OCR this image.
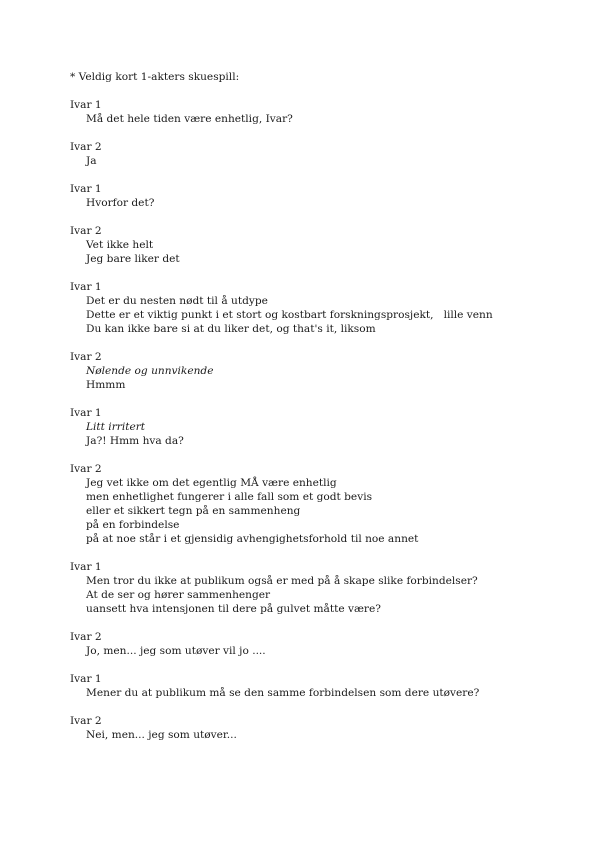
* Veldig kort 1-akters skuespill:
Ivar 1
Må det hele tiden være enhetlig, Ivar?
Ivar 2
Ja
Ivar 1
Hvorfor det?
Ivar 2
Vet ikke helt
Jeg bare liker det
Ivar 1
Det er du nesten nødt til å utdype
Dette er et viktig punkt i et stort og kostbart forskningsprosjekt,   lille venn
Du kan ikke bare si at du liker det, og that's it, liksom
Ivar 2
Nølende og unnvikende
Hmmm
Ivar 1
Litt irritert
Ja?! Hmm hva da?
Ivar 2
Jeg vet ikke om det egentlig MÅ være enhetlig
men enhetlighet fungerer i alle fall som et godt bevis
eller et sikkert tegn på en sammenheng
på en forbindelse
på at noe står i et gjensidig avhengighetsforhold til noe annet
Ivar 1
Men tror du ikke at publikum også er med på å skape slike forbindelser?
At de ser og hører sammenhenger
uansett hva intensjonen til dere på gulvet måtte være?
Ivar 2
Jo, men... jeg som utøver vil jo ....
Ivar 1
Mener du at publikum må se den samme forbindelsen som dere utøvere?
Ivar 2
Nei, men... jeg som utøver...
